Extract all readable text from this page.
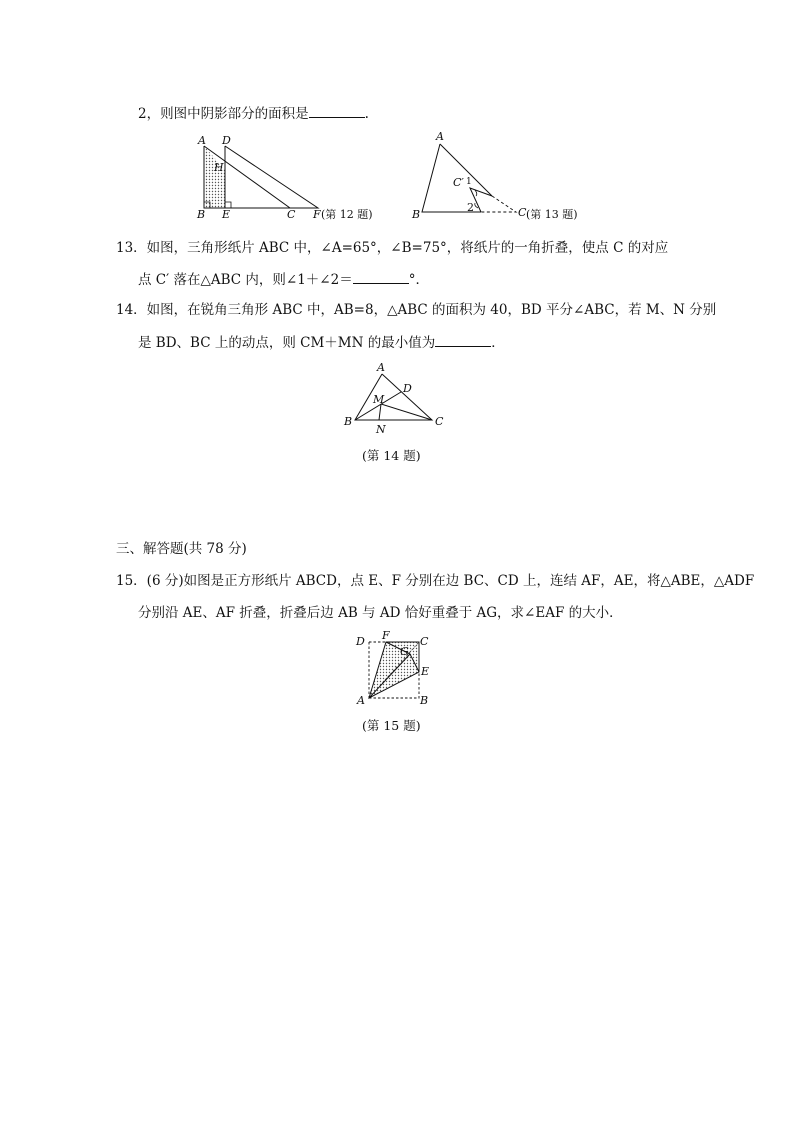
2，则图中阴影部分的面积是	.
A D
H
B E	C F (第 12 题)
A
C′ 1
2
B	C (第 13 题)
13．如图，三角形纸片 ABC 中，∠A=65°，∠B=75°，将纸片的一角折叠，使点 C 的对应
点 C′ 落在△ABC 内，则∠1＋∠2＝	°．
14．如图，在锐角三角形 ABC 中，AB=8，△ABC 的面积为 40，BD 平分∠ABC，若 M、N 分别
是 BD、BC 上的动点，则 CM＋MN 的最小值为	．
A
D
M
B
N
C
(第 14 题)
三、解答题(共 78 分)
15．(6 分)如图是正方形纸片 ABCD，点 E、F 分别在边 BC、CD 上，连结 AF，AE，将△ABE，△ADF
分别沿 AE、AF 折叠，折叠后边 AB 与 AD 恰好重叠于 AG，求∠EAF 的大小．
D F	C
G
E
A	B
(第 15 题)
